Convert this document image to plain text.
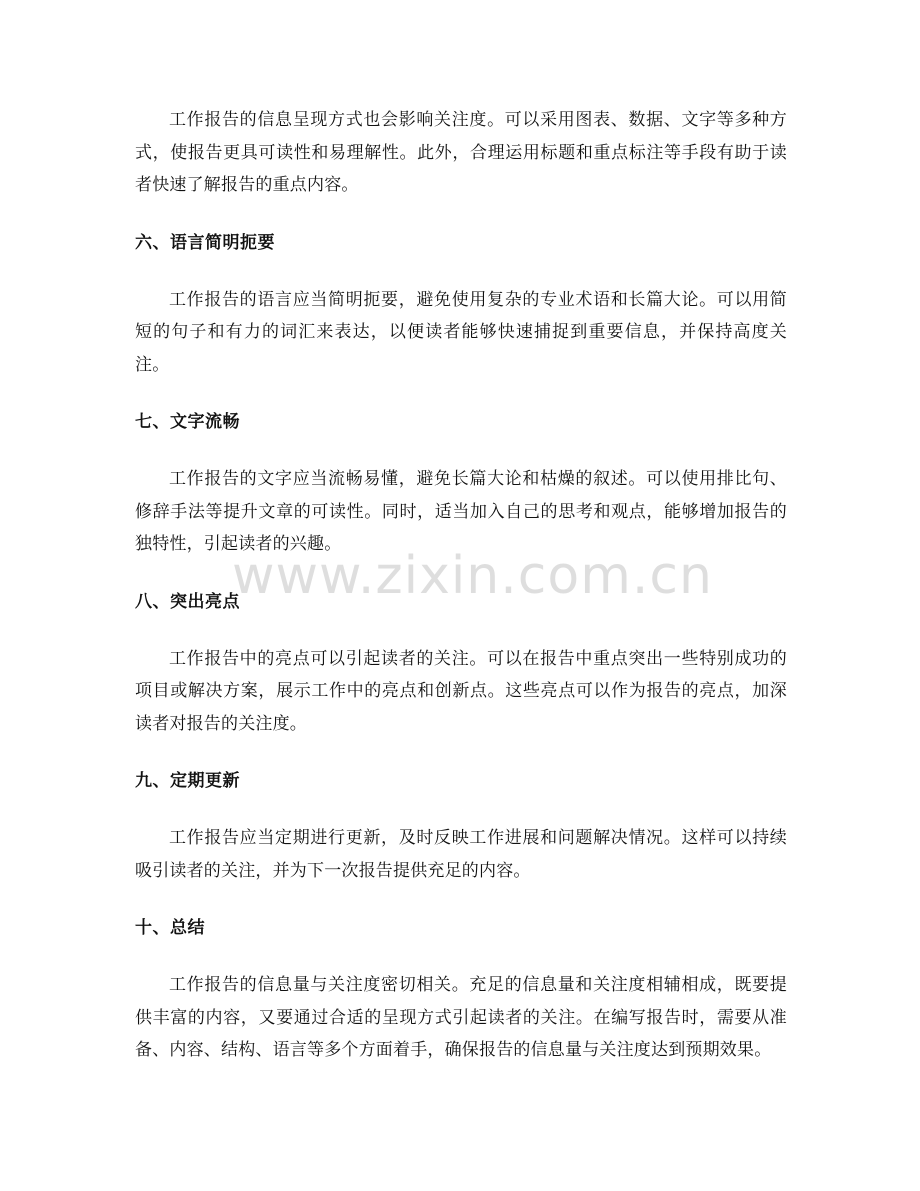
工作报告的信息呈现方式也会影响关注度。可以采用图表、数据、文字等多种方式，使报告更具可读性和易理解性。此外，合理运用标题和重点标注等手段有助于读者快速了解报告的重点内容。

六、语言简明扼要

工作报告的语言应当简明扼要，避免使用复杂的专业术语和长篇大论。可以用简短的句子和有力的词汇来表达，以便读者能够快速捕捉到重要信息，并保持高度关注。

七、文字流畅

工作报告的文字应当流畅易懂，避免长篇大论和枯燥的叙述。可以使用排比句、修辞手法等提升文章的可读性。同时，适当加入自己的思考和观点，能够增加报告的独特性，引起读者的兴趣。

八、突出亮点

工作报告中的亮点可以引起读者的关注。可以在报告中重点突出一些特别成功的项目或解决方案，展示工作中的亮点和创新点。这些亮点可以作为报告的亮点，加深读者对报告的关注度。

九、定期更新

工作报告应当定期进行更新，及时反映工作进展和问题解决情况。这样可以持续吸引读者的关注，并为下一次报告提供充足的内容。

十、总结

工作报告的信息量与关注度密切相关。充足的信息量和关注度相辅相成，既要提供丰富的内容，又要通过合适的呈现方式引起读者的关注。在编写报告时，需要从准备、内容、结构、语言等多个方面着手，确保报告的信息量与关注度达到预期效果。

www.zixin.com.cn
